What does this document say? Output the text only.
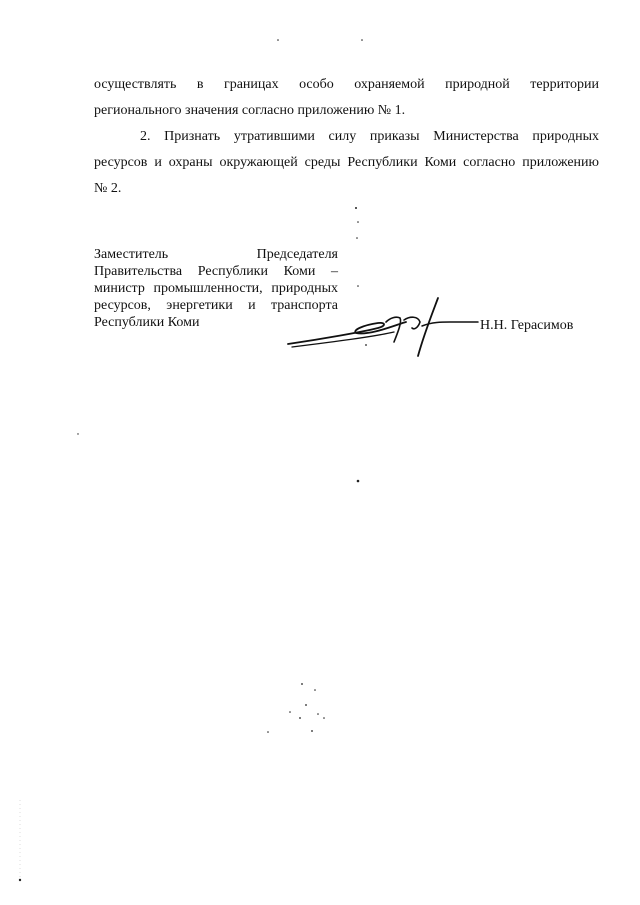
осуществлять в границах особо охраняемой природной территории
регионального значения согласно приложению № 1.

2. Признать утратившими силу приказы Министерства природных
ресурсов и охраны окружающей среды Республики Коми согласно приложению
№ 2.

Заместитель Председателя
Правительства Республики Коми –
министр промышленности, природных
ресурсов, энергетики и транспорта
Республики Коми	Н.Н. Герасимов
